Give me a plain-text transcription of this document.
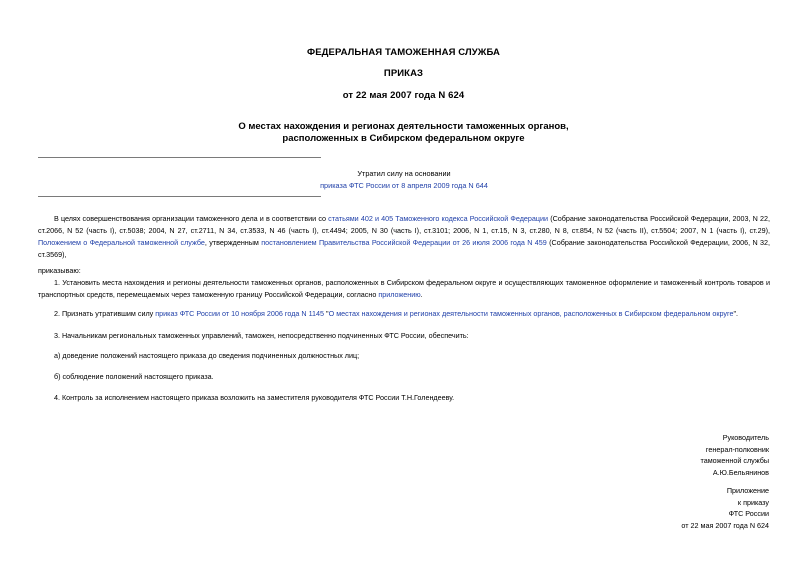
ФЕДЕРАЛЬНАЯ ТАМОЖЕННАЯ СЛУЖБА
ПРИКАЗ
от 22 мая 2007 года N 624
О местах нахождения и регионах деятельности таможенных органов,
расположенных в Сибирском федеральном округе
Утратил силу на основании
приказа ФТС России от 8 апреля 2009 года N 644
В целях совершенствования организации таможенного дела и в соответствии со статьями 402 и 405 Таможенного кодекса Российской Федерации (Собрание законодательства Российской Федерации, 2003, N 22, ст.2066, N 52 (часть I), ст.5038; 2004, N 27, ст.2711, N 34, ст.3533, N 46 (часть I), ст.4494; 2005, N 30 (часть I), ст.3101; 2006, N 1, ст.15, N 3, ст.280, N 8, ст.854, N 52 (часть II), ст.5504; 2007, N 1 (часть I), ст.29), Положением о Федеральной таможенной службе, утвержденным постановлением Правительства Российской Федерации от 26 июля 2006 года N 459 (Собрание законодательства Российской Федерации, 2006, N 32, ст.3569),
приказываю:
1. Установить места нахождения и регионы деятельности таможенных органов, расположенных в Сибирском федеральном округе и осуществляющих таможенное оформление и таможенный контроль товаров и транспортных средств, перемещаемых через таможенную границу Российской Федерации, согласно приложению.
2. Признать утратившим силу приказ ФТС России от 10 ноября 2006 года N 1145 "О местах нахождения и регионах деятельности таможенных органов, расположенных в Сибирском федеральном округе".
3. Начальникам региональных таможенных управлений, таможен, непосредственно подчиненных ФТС России, обеспечить:
а) доведение положений настоящего приказа до сведения подчиненных должностных лиц;
б) соблюдение положений настоящего приказа.
4. Контроль за исполнением настоящего приказа возложить на заместителя руководителя ФТС России Т.Н.Голендееву.
Руководитель
генерал-полковник
таможенной службы
А.Ю.Бельянинов
Приложение
к приказу
ФТС России
от 22 мая 2007 года N 624
